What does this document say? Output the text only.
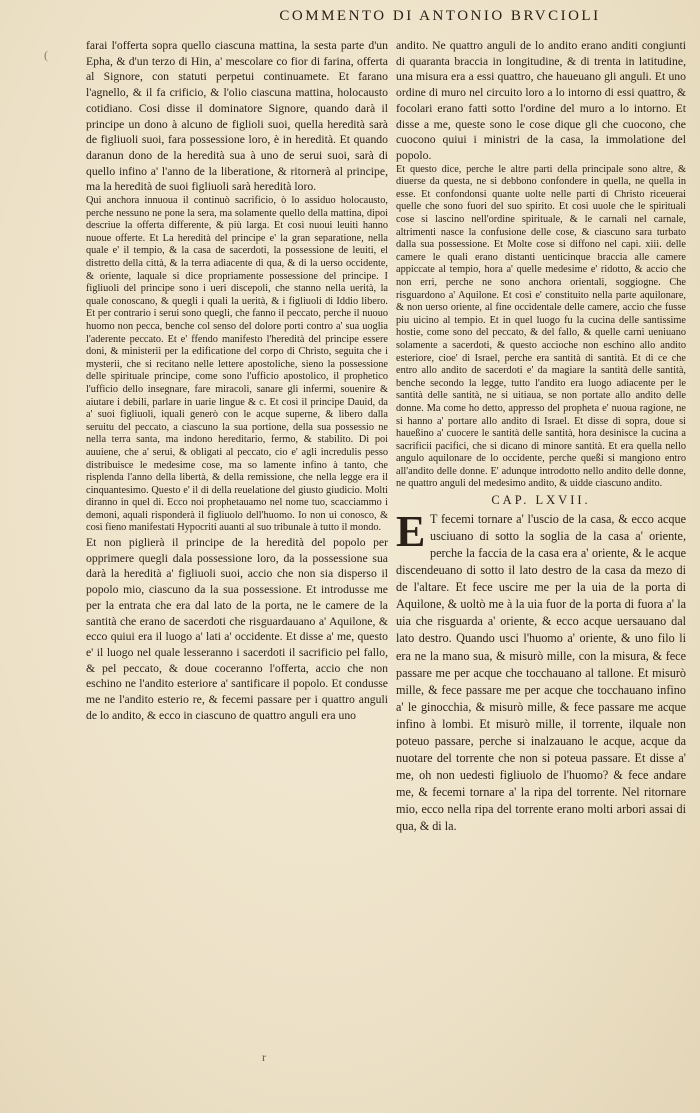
(
COMMENTO DI ANTONIO BRVCIOLI

farai l'offerta sopra quello ciascuna mattina, la sesta parte d'un Epha, & d'un terzo di Hin, a' mescolare co fior di farina, offerta al Signore, con statuti perpetui continuamete. Et farano l'agnello, & il fa crificio, & l'olio ciascuna mattina, holocausto cotidiano. Cosi disse il dominatore Signore, quando darà il principe un dono à alcuno de figlioli suoi, quella heredità sarà de figliuoli suoi, fara possessione loro, è in heredità. Et quando daranun dono de la heredità sua à uno de serui suoi, sarà di quello infino a' l'anno de la liberatione, & ritornerà al principe, ma la heredità de suoi figliuoli sarà heredità loro.

Qui anchora innuoua il continuò sacrificio, ò lo assiduo holocausto, perche nessuno ne pone la sera, ma solamente quello della mattina, dipoi descriue la offerta differente, & più larga. Et così nuoui leuiti hanno nuoue offerte. Et La heredità del principe e' la gran separatione, nella quale e' il tempio, & la casa de sacerdoti, la possessione de leuiti, el distretto della città, & la terra adiacente di qua, & di la uerso occidente, & oriente, laquale si dice propriamente possessione del principe. I figliuoli del principe sono i ueri discepoli, che stanno nella uerità, la quale conoscano, & quegli i quali la uerità, & i figliuoli di Iddio libero. Et per contrario i serui sono quegli, che fanno il peccato, perche il nuouo huomo non pecca, benche col senso del dolore porti contro a' sua uoglia l'aderente peccato. Et e' ffendo manifesto l'heredità del principe essere doni, & ministerii per la edificatione del corpo di Christo, seguita che i mysterii, che si recitano nelle lettere apostoliche, sieno la possessione delle spirituale principe, come sono l'ufficio apostolico, il prophetico l'ufficio dello insegnare, fare miracoli, sanare gli infermi, souenire & aiutare i debili, parlare in uarie lingue & c. Et così il principe Dauid, da a' suoi figliuoli, iquali generò con le acque superne, & libero dalla seruitu del peccato, a ciascuno la sua portione, della sua possessio ne nella terra santa, ma indono hereditario, fermo, & stabilito. Di poi auuiene, che a' serui, & obligati al peccato, cio e' agli incredulis pesso distribuisce le medesime cose, ma so lamente infino à tanto, che risplenda l'anno della libertà, & della remissione, che nella legge era il cinquantesimo. Questo e' il di della reuelatione del giusto giudicio. Molti diranno in quel di. Ecco noi prophetauamo nel nome tuo, scacciammo i demoni, aquali risponderà il figliuolo dell'huomo. Io non ui conosco, & così fieno manifestati Hypocriti auanti al suo tribunale à tutto il mondo.

Et non piglierà il principe de la heredità del popolo per opprimere quegli dala possessione loro, da la possessione sua darà la heredità a' figliuoli suoi, accio che non sia disperso il popolo mio, ciascuno da la sua possessione. Et introdusse me per la entrata che era dal lato de la porta, ne le camere de la santità che erano de sacerdoti che risguardauano a' Aquilone, & ecco quiui era il luogo a' lati a' occidente. Et disse a' me, questo e' il luogo nel quale lesseranno i sacerdoti il sacrificio pel fallo, & pel peccato, & doue coceranno l'offerta, accio che non eschino ne l'andito esteriore a' santificare il popolo. Et condusse me ne l'andito esterio re, & fecemi passare per i quattro anguli de lo andito, & ecco in ciascuno de quattro anguli era uno

andito. Ne quattro anguli de lo andito erano anditi congiunti di quaranta braccia in longitudine, & di trenta in latitudine, una misura era a essi quattro, che haueuano gli anguli. Et uno ordine di muro nel circuito loro a lo intorno di essi quattro, & focolari erano fatti sotto l'ordine del muro a lo intorno. Et disse a me, queste sono le cose dique gli che cuocono, che cuocono quiui i ministri de la casa, la immolatione del popolo.

Et questo dice, perche le altre parti della principale sono altre, & diuerse da questa, ne si debbono confondere in quella, ne quella in esse. Et confondonsi quante uolte nelle parti di Christo riceuerai quelle che sono fuori del suo spirito. Et così uuole che le spirituali cose si lascino nell'ordine spirituale, & le carnali nel carnale, altrimenti nasce la confusione delle cose, & ciascuno sara turbato dalla sua possessione. Et Molte cose si diffono nel capi. xiii. delle camere le quali erano distanti uenticinque braccia alle camere appiccate al tempio, hora a' quelle medesime e' ridotto, & accio che non erri, perche ne sono anchora orientali, soggiogne. Che risguardono a' Aquilone. Et così e' constituito nella parte aquilonare, & non uerso oriente, al fine occidentale delle camere, accio che fusse piu uicino al tempio. Et in quel luogo fu la cucina delle santissime hostie, come sono del peccato, & del fallo, & quelle carni ueniuano solamente a sacerdoti, & questo accioche non eschino allo andito esteriore, cioe' di Israel, perche era santità di santità. Et di ce che entro allo andito de sacerdoti e' da magiare la santità delle santità, benche secondo la legge, tutto l'andito era luogo adiacente per le santità delle santità, ne si uitiaua, se non portate allo andito delle donne. Ma come ho detto, appresso del propheta e' nuoua ragione, ne si hanno a' portare allo andito di Israel. Et disse di sopra, doue si haueßino a' cuocere le santità delle santità, hora desinisce la cucina a sacrificii pacifici, che si dicano di minore santità. Et era quella nello angulo aquilonare de lo occidente, perche queßi si mangiono entro all'andito delle donne. E' adunque introdotto nello andito delle donne, ne quattro anguli del medesimo andito, & uidde ciascuno andito.

CAP. LXVII.
E T fecemi tornare a' l'uscio de la casa, & ecco acque usciuano di sotto la soglia de la casa a' oriente, perche la faccia de la casa era a' oriente, & le acque discendeuano di sotto il lato destro de la casa da mezo di de l'altare. Et fece uscire me per la uia de la porta di Aquilone, & uoltò me à la uia fuor de la porta di fuora a' la uia che risguarda a' oriente, & ecco acque uersauano dal lato destro. Quando usci l'huomo a' oriente, & uno filo li era ne la mano sua, & misurò mille, con la misura, & fece passare me per acque che tocchauano al tallone. Et misurò mille, & fece passare me per acque che tocchauano infino a' le ginocchia, & misurò mille, & fece passare me acque infino à lombi. Et misurò mille, il torrente, ilquale non poteuo passare, perche si inalzauano le acque, acque da nuotare del torrente che non si poteua passare. Et disse a' me, oh non uedesti figliuolo de l'huomo? & fece andare me, & fecemi tornare a' la ripa del torrente. Nel ritornare mio, ecco nella ripa del torrente erano molti arbori assai di qua, & di la.

r
